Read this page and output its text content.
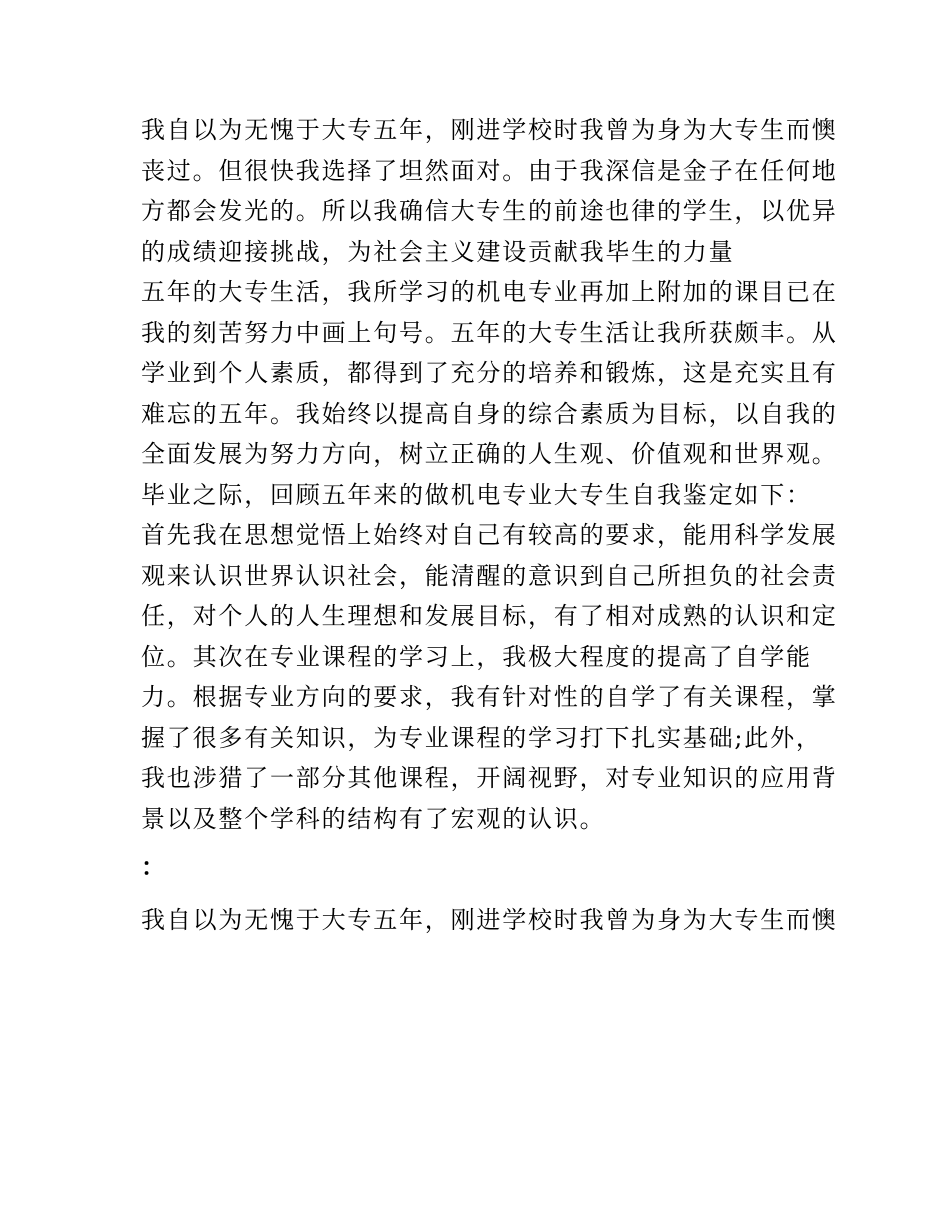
我自以为无愧于大专五年，刚进学校时我曾为身为大专生而懊
丧过。但很快我选择了坦然面对。由于我深信是金子在任何地
方都会发光的。所以我确信大专生的前途也律的学生，以优异
的成绩迎接挑战，为社会主义建设贡献我毕生的力量
五年的大专生活，我所学习的机电专业再加上附加的课目已在
我的刻苦努力中画上句号。五年的大专生活让我所获颇丰。从
学业到个人素质，都得到了充分的培养和锻炼，这是充实且有
难忘的五年。我始终以提高自身的综合素质为目标，以自我的
全面发展为努力方向，树立正确的人生观、价值观和世界观。
毕业之际，回顾五年来的做机电专业大专生自我鉴定如下：
首先我在思想觉悟上始终对自己有较高的要求，能用科学发展
观来认识世界认识社会，能清醒的意识到自己所担负的社会责
任，对个人的人生理想和发展目标，有了相对成熟的认识和定
位。其次在专业课程的学习上，我极大程度的提高了自学能
力。根据专业方向的要求，我有针对性的自学了有关课程，掌
握了很多有关知识，为专业课程的学习打下扎实基础;此外，
我也涉猎了一部分其他课程，开阔视野，对专业知识的应用背
景以及整个学科的结构有了宏观的认识。
：
我自以为无愧于大专五年，刚进学校时我曾为身为大专生而懊
